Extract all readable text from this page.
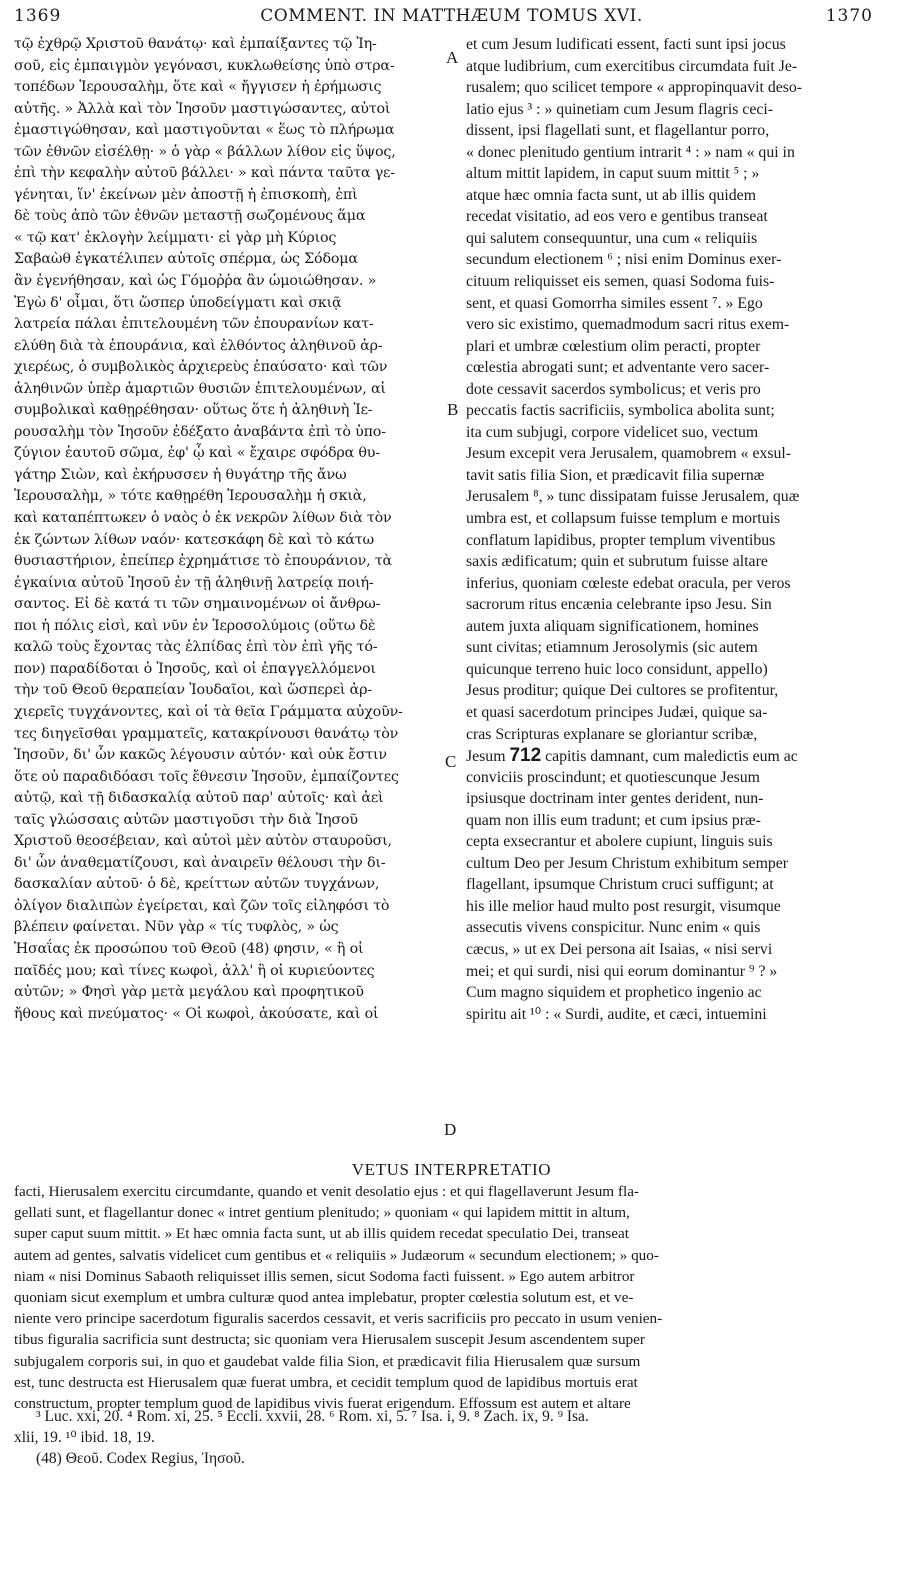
1369	COMMENT. IN MATTHÆUM TOMUS XVI.	1370
τῷ ἐχθρῷ Χριστοῦ θανάτῳ· καὶ ἐμπαίξαντες τῷ Ἰη-
σοῦ, εἰς ἐμπαιγμὸν γεγόνασι, κυκλωθείσης ὑπὸ στρα-
τοπέδων Ἱερουσαλὴμ, ὅτε καὶ « ἤγγισεν ἡ ἐρήμωσις
αὐτῆς. » Ἀλλὰ καὶ τὸν Ἰησοῦν μαστιγώσαντες, αὐτοὶ
ἐμαστιγώθησαν, καὶ μαστιγοῦνται « ἕως τὸ πλήρωμα
τῶν ἐθνῶν εἰσέλθῃ· » ὁ γὰρ « βάλλων λίθον εἰς ὕψος,
ἐπὶ τὴν κεφαλὴν αὐτοῦ βάλλει· » καὶ πάντα ταῦτα γε-
γένηται, ἵν' ἐκείνων μὲν ἀποστῇ ἡ ἐπισκοπὴ, ἐπὶ
δὲ τοὺς ἀπὸ τῶν ἐθνῶν μεταστῇ σωζομένους ἅμα
« τῷ κατ' ἐκλογὴν λείμματι· εἰ γὰρ μὴ Κύριος
Σαβαὼθ ἐγκατέλιπεν αὐτοῖς σπέρμα, ὡς Σόδομα
ἂν ἐγενήθησαν, καὶ ὡς Γόμοῤῥα ἂν ὡμοιώθησαν. »
Ἐγὼ δ' οἶμαι, ὅτι ὥσπερ ὑποδείγματι καὶ σκιᾷ
λατρεία πάλαι ἐπιτελουμένη τῶν ἐπουρανίων κατ-
ελύθη διὰ τὰ ἐπουράνια, καὶ ἐλθόντος ἀληθινοῦ ἀρ-
χιερέως, ὁ συμβολικὸς ἀρχιερεὺς ἐπαύσατο· καὶ τῶν
ἀληθινῶν ὑπὲρ ἁμαρτιῶν θυσιῶν ἐπιτελουμένων, αἱ
συμβολικαὶ καθῃρέθησαν· οὕτως ὅτε ἡ ἀληθινὴ Ἱε-
ρουσαλὴμ τὸν Ἰησοῦν ἐδέξατο ἀναβάντα ἐπὶ τὸ ὑπο-
ζύγιον ἑαυτοῦ σῶμα, ἐφ' ᾧ καὶ « ἔχαιρε σφόδρα θυ-
γάτηρ Σιὼν, καὶ ἐκήρυσσεν ἡ θυγάτηρ τῆς ἄνω
Ἱερουσαλὴμ, » τότε καθῃρέθη Ἱερουσαλὴμ ἡ σκιὰ,
καὶ καταπέπτωκεν ὁ ναὸς ὁ ἐκ νεκρῶν λίθων διὰ τὸν
ἐκ ζώντων λίθων ναόν· κατεσκάφη δὲ καὶ τὸ κάτω
θυσιαστήριον, ἐπείπερ ἐχρημάτισε τὸ ἐπουράνιον, τὰ
ἐγκαίνια αὐτοῦ Ἰησοῦ ἐν τῇ ἀληθινῇ λατρείᾳ ποιή-
σαντος. Εἰ δὲ κατά τι τῶν σημαινομένων οἱ ἄνθρω-
ποι ἡ πόλις εἰσὶ, καὶ νῦν ἐν Ἱεροσολύμοις (οὕτω δὲ
καλῶ τοὺς ἔχοντας τὰς ἐλπίδας ἐπὶ τὸν ἐπὶ γῆς τό-
πον) παραδίδοται ὁ Ἰησοῦς, καὶ οἱ ἐπαγγελλόμενοι
τὴν τοῦ Θεοῦ θεραπείαν Ἰουδαῖοι, καὶ ὥσπερεὶ ἀρ-
χιερεῖς τυγχάνοντες, καὶ οἱ τὰ θεῖα Γράμματα αὐχοῦν-
τες διηγεῖσθαι γραμματεῖς, κατακρίνουσι θανάτῳ τὸν
Ἰησοῦν, δι' ὧν κακῶς λέγουσιν αὐτόν· καὶ οὐκ ἔστιν
ὅτε οὐ παραδιδόασι τοῖς ἔθνεσιν Ἰησοῦν, ἐμπαίζοντες
αὐτῷ, καὶ τῇ διδασκαλίᾳ αὐτοῦ παρ' αὐτοῖς· καὶ ἀεὶ
ταῖς γλώσσαις αὐτῶν μαστιγοῦσι τὴν διὰ Ἰησοῦ
Χριστοῦ θεοσέβειαν, καὶ αὐτοὶ μὲν αὐτὸν σταυροῦσι,
δι' ὧν ἀναθεματίζουσι, καὶ ἀναιρεῖν θέλουσι τὴν δι-
δασκαλίαν αὐτοῦ· ὁ δὲ, κρείττων αὐτῶν τυγχάνων,
ὀλίγον διαλιπὼν ἐγείρεται, καὶ ζῶν τοῖς εἰληφόσι τὸ
βλέπειν φαίνεται. Νῦν γὰρ « τίς τυφλὸς, » ὡς
Ἡσαΐας ἐκ προσώπου τοῦ Θεοῦ (48) φησιν, « ἢ οἱ
παῖδές μου; καὶ τίνες κωφοὶ, ἀλλ' ἢ οἱ κυριεύοντες
αὐτῶν; » Φησὶ γὰρ μετὰ μεγάλου καὶ προφητικοῦ
ἤθους καὶ πνεύματος· « Οἱ κωφοὶ, ἀκούσατε, καὶ οἱ
A
B
C
D
et cum Jesum ludificati essent, facti sunt ipsi jocus
atque ludibrium, cum exercitibus circumdata fuit Je-
rusalem; quo scilicet tempore « appropinquavit deso-
latio ejus ³ : » quinetiam cum Jesum flagris ceci-
dissent, ipsi flagellati sunt, et flagellantur porro,
« donec plenitudo gentium intrarit ⁴ : » nam « qui in
altum mittit lapidem, in caput suum mittit ⁵ ; »
atque hæc omnia facta sunt, ut ab illis quidem
recedat visitatio, ad eos vero e gentibus transeat
qui salutem consequuntur, una cum « reliquiis
secundum electionem ⁶ ; nisi enim Dominus exer-
cituum reliquisset eis semen, quasi Sodoma fuis-
sent, et quasi Gomorrha similes essent ⁷. » Ego
vero sic existimo, quemadmodum sacri ritus exem-
plari et umbræ cœlestium olim peracti, propter
cœlestia abrogati sunt; et adventante vero sacer-
dote cessavit sacerdos symbolicus; et veris pro
peccatis factis sacrificiis, symbolica abolita sunt;
ita cum subjugi, corpore videlicet suo, vectum
Jesum excepit vera Jerusalem, quamobrem « exsul-
tavit satis filia Sion, et prædicavit filia supernæ
Jerusalem ⁸, » tunc dissipatam fuisse Jerusalem, quæ
umbra est, et collapsum fuisse templum e mortuis
conflatum lapidibus, propter templum viventibus
saxis ædificatum; quin et subrutum fuisse altare
inferius, quoniam cœleste edebat oracula, per veros
sacrorum ritus encænia celebrante ipso Jesu. Sin
autem juxta aliquam significationem, homines
sunt civitas; etiamnum Jerosolymis (sic autem
quicunque terreno huic loco considunt, appello)
Jesus proditur; quique Dei cultores se profitentur,
et quasi sacerdotum principes Judæi, quique sa-
cras Scripturas explanare se gloriantur scribæ,
Jesum 712 capitis damnant, cum maledictis eum ac
conviciis proscindunt; et quotiescunque Jesum
ipsiusque doctrinam inter gentes derident, nun-
quam non illis eum tradunt; et cum ipsius præ-
cepta exsecrantur et abolere cupiunt, linguis suis
cultum Deo per Jesum Christum exhibitum semper
flagellant, ipsumque Christum cruci suffigunt; at
his ille melior haud multo post resurgit, visumque
assecutis vivens conspicitur. Nunc enim « quis
cæcus, » ut ex Dei persona ait Isaias, « nisi servi
mei; et qui surdi, nisi qui eorum dominantur ⁹ ? »
Cum magno siquidem et prophetico ingenio ac
spiritu ait ¹⁰ : « Surdi, audite, et cæci, intuemini
VETUS INTERPRETATIO
facti, Hierusalem exercitu circumdante, quando et venit desolatio ejus : et qui flagellaverunt Jesum fla-
gellati sunt, et flagellantur donec « intret gentium plenitudo; » quoniam « qui lapidem mittit in altum,
super caput suum mittit. » Et hæc omnia facta sunt, ut ab illis quidem recedat speculatio Dei, transeat
autem ad gentes, salvatis videlicet cum gentibus et « reliquiis » Judæorum « secundum electionem; » quo-
niam « nisi Dominus Sabaoth reliquisset illis semen, sicut Sodoma facti fuissent. » Ego autem arbitror
quoniam sicut exemplum et umbra culturæ quod antea implebatur, propter cœlestia solutum est, et ve-
niente vero principe sacerdotum figuralis sacerdos cessavit, et veris sacrificiis pro peccato in usum venien-
tibus figuralia sacrificia sunt destructa; sic quoniam vera Hierusalem suscepit Jesum ascendentem super
subjugalem corporis sui, in quo et gaudebat valde filia Sion, et prædicavit filia Hierusalem quæ sursum
est, tunc destructa est Hierusalem quæ fuerat umbra, et cecidit templum quod de lapidibus mortuis erat
constructum, propter templum quod de lapidibus vivis fuerat erigendum. Effossum est autem et altare
³ Luc. xxi, 20. ⁴ Rom. xi, 25. ⁵ Eccli. xxvii, 28. ⁶ Rom. xi, 5. ⁷ Isa. i, 9. ⁸ Zach. ix, 9. ⁹ Isa.
xlii, 19. ¹⁰ ibid. 18, 19.
(48) Θεοῦ. Codex Regius, Ἰησοῦ.
